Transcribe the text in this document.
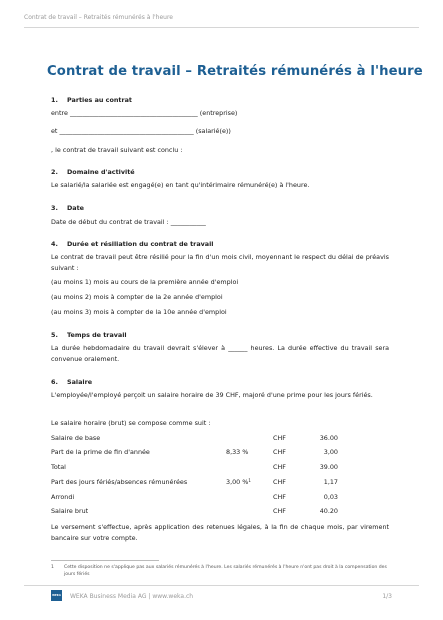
Contrat de travail – Retraités rémunérés à l'heure
Contrat de travail – Retraités rémunérés à l'heure
1. Parties au contrat
entre ________________________________________ (entreprise)
et __________________________________________ (salarié(e))
, le contrat de travail suivant est conclu :
2. Domaine d'activité
Le salarié/la salariée est engagé(e) en tant qu'intérimaire rémunéré(e) à l'heure.
3. Date
Date de début du contrat de travail : ___________
4. Durée et résiliation du contrat de travail
Le contrat de travail peut être résilié pour la fin d'un mois civil, moyennant le respect du délai de préavis suivant :
(au moins 1) mois au cours de la première année d'emploi
(au moins 2) mois à compter de la 2e année d'emploi
(au moins 3) mois à compter de la 10e année d'emploi
5. Temps de travail
La durée hebdomadaire du travail devrait s'élever à ______ heures. La durée effective du travail sera convenue oralement.
6. Salaire
L'employée/l'employé perçoit un salaire horaire de 39 CHF, majoré d'une prime pour les jours fériés.
Le salaire horaire (brut) se compose comme suit :
Salaire de base	CHF	36.00
Part de la prime de fin d'année	8,33 %	CHF	3,00
Total	CHF	39.00
Part des jours fériés/absences rémunérées	3,00 %$^1$	CHF	1,17
Arrondi	CHF	0,03
Salaire brut	CHF	40.20
Le versement s'effectue, après application des retenues légales, à la fin de chaque mois, par virement bancaire sur votre compte.
1 Cette disposition ne s'applique pas aux salariés rémunérés à l'heure. Les salariés rémunérés à l'heure n'ont pas droit à la compensation des jours fériés
WEKA WEKA Business Media AG | www.weka.ch	1/3
